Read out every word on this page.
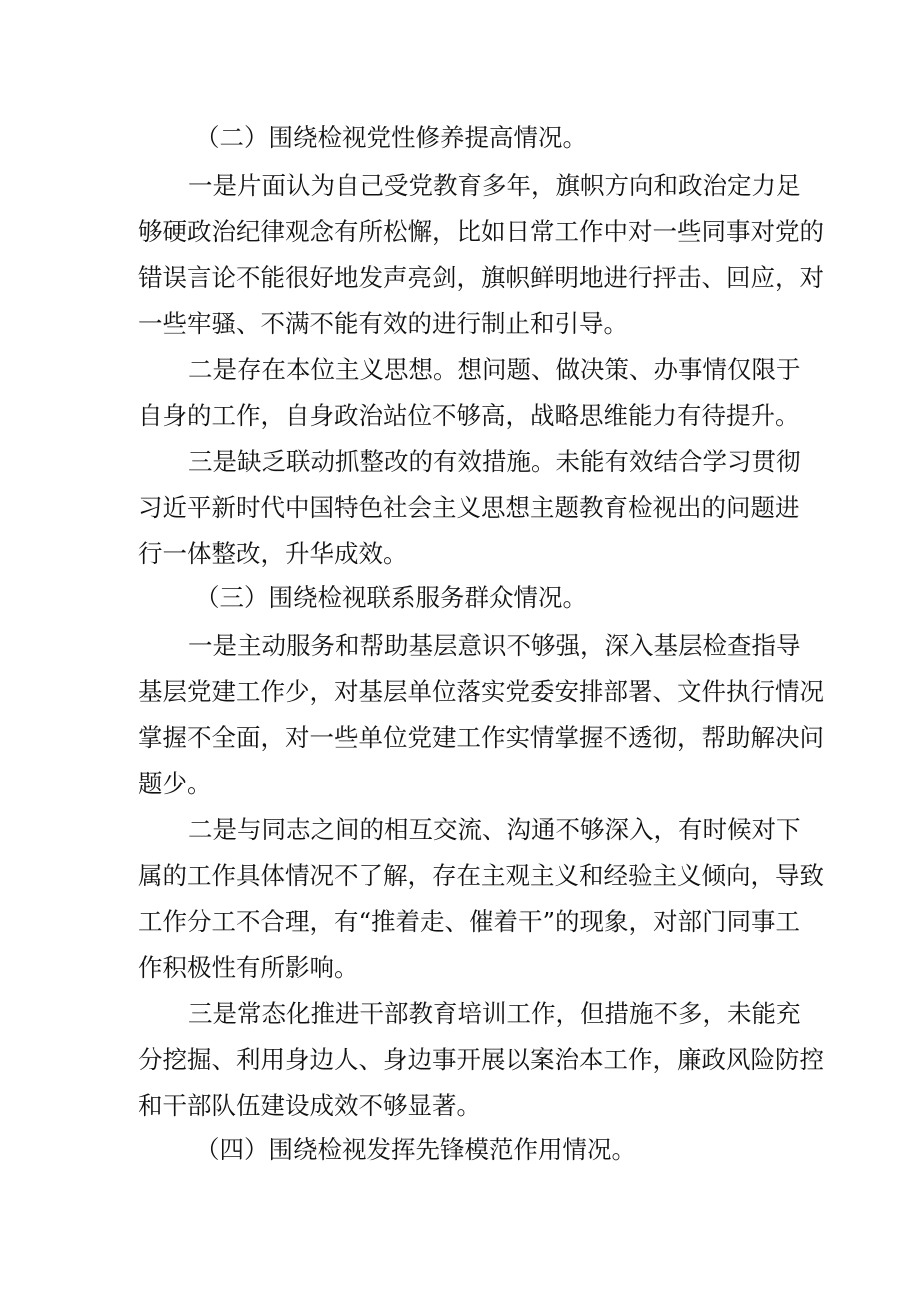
（二）围绕检视党性修养提高情况。

一是片面认为自己受党教育多年，旗帜方向和政治定力足

够硬政治纪律观念有所松懈，比如日常工作中对一些同事对党的

错误言论不能很好地发声亮剑，旗帜鲜明地进行抨击、回应，对

一些牢骚、不满不能有效的进行制止和引导。

二是存在本位主义思想。想问题、做决策、办事情仅限于

自身的工作，自身政治站位不够高，战略思维能力有待提升。

三是缺乏联动抓整改的有效措施。未能有效结合学习贯彻

习近平新时代中国特色社会主义思想主题教育检视出的问题进

行一体整改，升华成效。

（三）围绕检视联系服务群众情况。

一是主动服务和帮助基层意识不够强，深入基层检查指导

基层党建工作少，对基层单位落实党委安排部署、文件执行情况

掌握不全面，对一些单位党建工作实情掌握不透彻，帮助解决问

题少。

二是与同志之间的相互交流、沟通不够深入，有时候对下

属的工作具体情况不了解，存在主观主义和经验主义倾向，导致

工作分工不合理，有“推着走、催着干”的现象，对部门同事工

作积极性有所影响。

三是常态化推进干部教育培训工作，但措施不多，未能充

分挖掘、利用身边人、身边事开展以案治本工作，廉政风险防控

和干部队伍建设成效不够显著。

（四）围绕检视发挥先锋模范作用情况。
